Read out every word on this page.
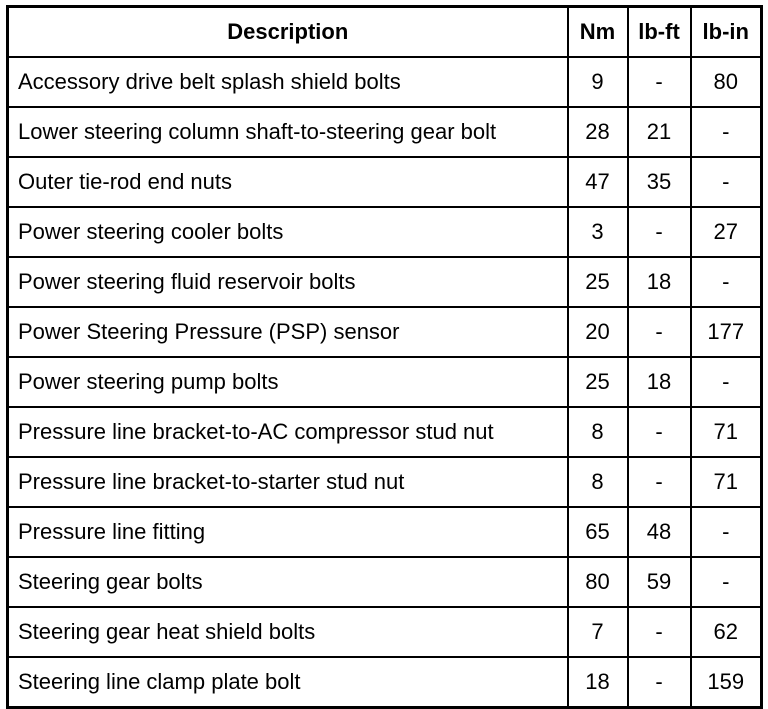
Description	Nm	lb-ft	lb-in
Accessory drive belt splash shield bolts	9	-	80
Lower steering column shaft-to-steering gear bolt	28	21	-
Outer tie-rod end nuts	47	35	-
Power steering cooler bolts	3	-	27
Power steering fluid reservoir bolts	25	18	-
Power Steering Pressure (PSP) sensor	20	-	177
Power steering pump bolts	25	18	-
Pressure line bracket-to-AC compressor stud nut	8	-	71
Pressure line bracket-to-starter stud nut	8	-	71
Pressure line fitting	65	48	-
Steering gear bolts	80	59	-
Steering gear heat shield bolts	7	-	62
Steering line clamp plate bolt	18	-	159
